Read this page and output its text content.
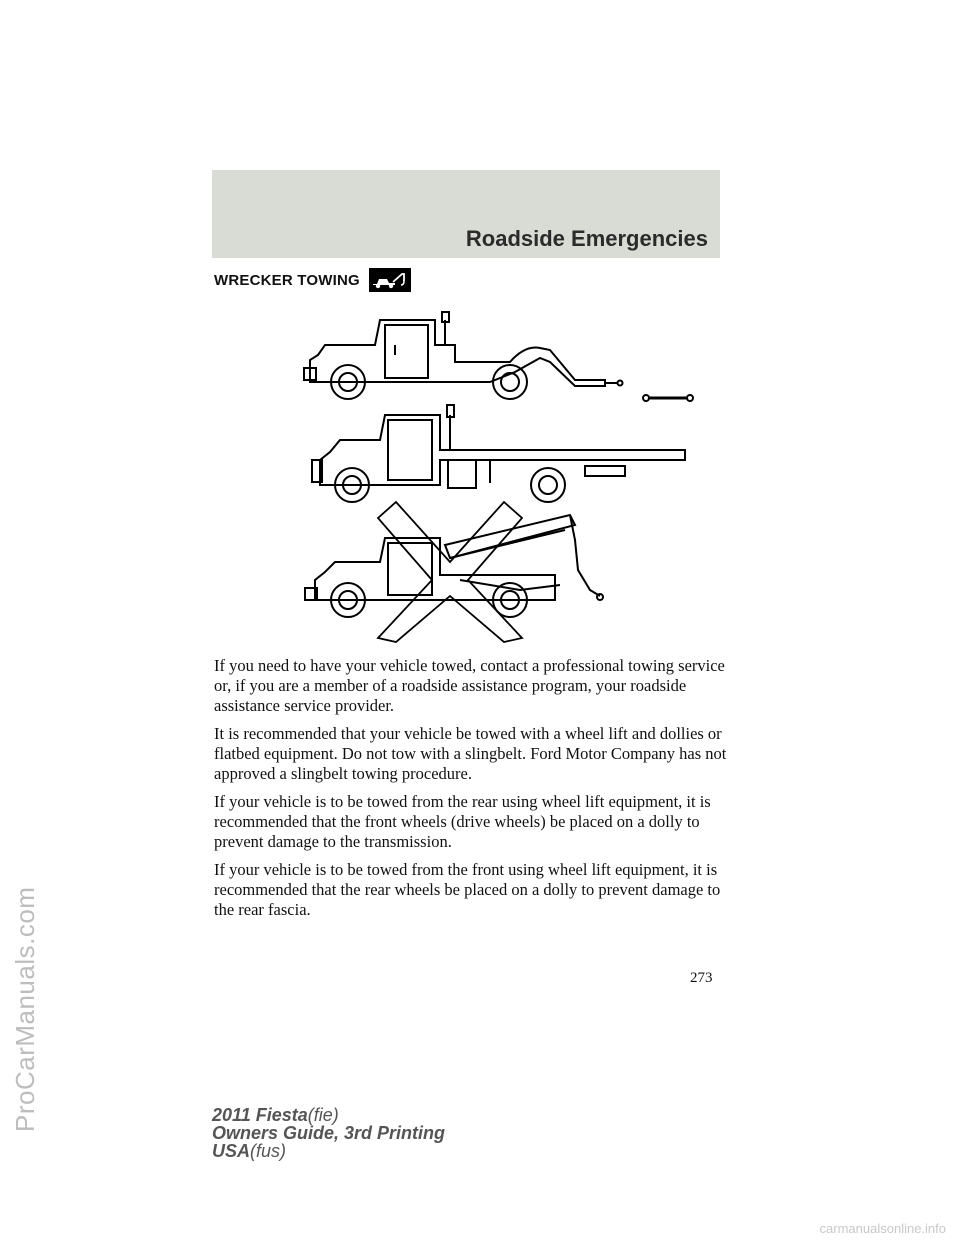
Roadside Emergencies
WRECKER TOWING

If you need to have your vehicle towed, contact a professional towing service or, if you are a member of a roadside assistance program, your roadside assistance service provider.

It is recommended that your vehicle be towed with a wheel lift and dollies or flatbed equipment. Do not tow with a slingbelt. Ford Motor Company has not approved a slingbelt towing procedure.

If your vehicle is to be towed from the rear using wheel lift equipment, it is recommended that the front wheels (drive wheels) be placed on a dolly to prevent damage to the transmission.

If your vehicle is to be towed from the front using wheel lift equipment, it is recommended that the rear wheels be placed on a dolly to prevent damage to the rear fascia.

273
2011 Fiesta(fie)
Owners Guide, 3rd Printing
USA(fus)
ProCarManuals.com
carmanualsonline.info
